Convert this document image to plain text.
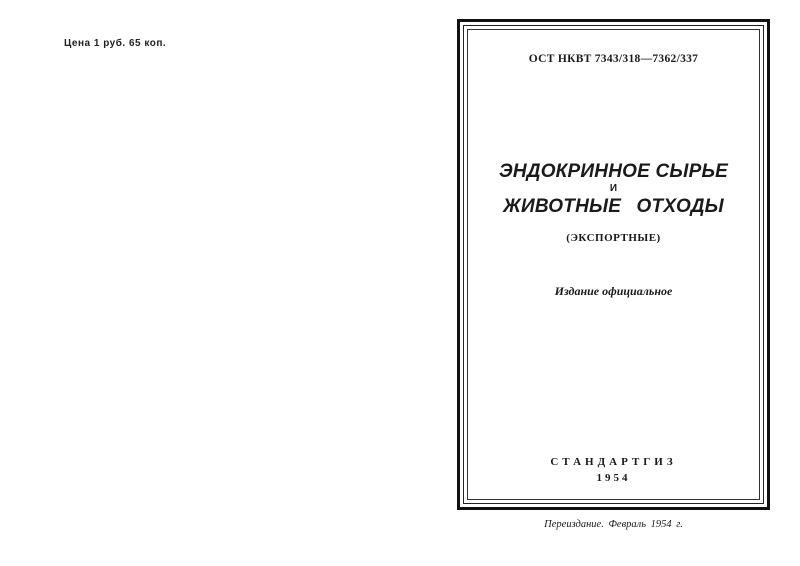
Цена 1 руб. 65 коп.
ОСТ НКВТ 7343/318—7362/337
ЭНДОКРИННОЕ СЫРЬЕ
И
ЖИВОТНЫЕ ОТХОДЫ
(ЭКСПОРТНЫЕ)
Издание официальное
СТАНДАРТГИЗ
1954
Переиздание. Февраль 1954 г.
